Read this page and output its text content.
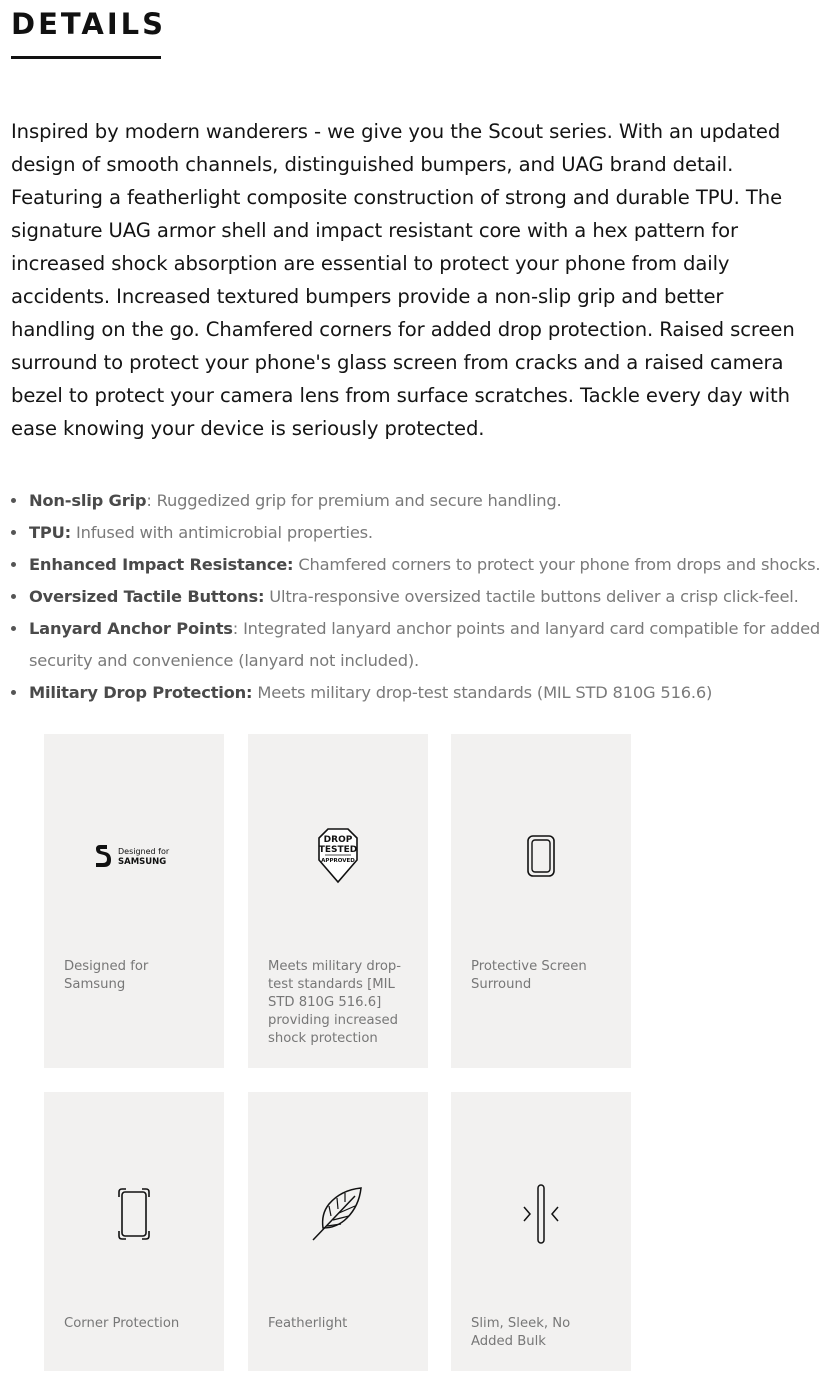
DETAILS

Inspired by modern wanderers - we give you the Scout series. With an updated design of smooth channels, distinguished bumpers, and UAG brand detail. Featuring a featherlight composite construction of strong and durable TPU. The signature UAG armor shell and impact resistant core with a hex pattern for increased shock absorption are essential to protect your phone from daily accidents. Increased textured bumpers provide a non-slip grip and better handling on the go. Chamfered corners for added drop protection. Raised screen surround to protect your phone's glass screen from cracks and a raised camera bezel to protect your camera lens from surface scratches. Tackle every day with ease knowing your device is seriously protected.

Non-slip Grip: Ruggedized grip for premium and secure handling.
TPU: Infused with antimicrobial properties.
Enhanced Impact Resistance: Chamfered corners to protect your phone from drops and shocks.
Oversized Tactile Buttons: Ultra-responsive oversized tactile buttons deliver a crisp click-feel.
Lanyard Anchor Points: Integrated lanyard anchor points and lanyard card compatible for added security and convenience (lanyard not included).
Military Drop Protection: Meets military drop-test standards (MIL STD 810G 516.6)
Designed for
SAMSUNG
Designed for Samsung
DROP
TESTED
APPROVED
Meets military drop-test standards [MIL STD 810G 516.6] providing increased shock protection
Protective Screen Surround
Corner Protection	Featherlight	Slim, Sleek, No Added Bulk
